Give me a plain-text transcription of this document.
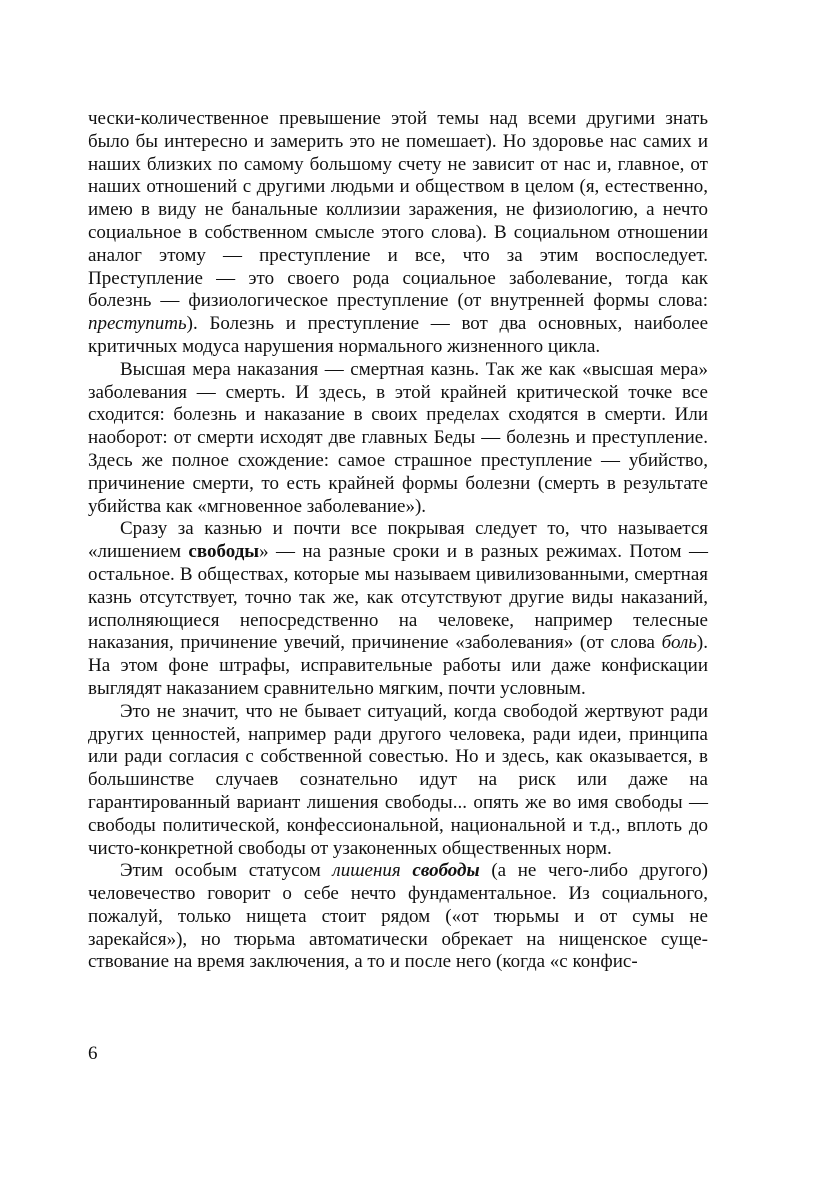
чески-количественное превышение этой темы над всеми другими знать было бы интересно и замерить это не помешает). Но здоровье нас самих и наших близких по самому большому счету не зависит от нас и, главное, от наших отношений с другими людьми и обществом в целом (я, естественно, имею в виду не банальные коллизии заражения, не физиологию, а нечто социальное в собственном смысле этого слова). В социальном отношении аналог этому — преступление и все, что за этим воспоследует. Преступление — это своего рода социальное заболевание, тогда как болезнь — физиологическое преступление (от внутренней формы слова: преступить). Болезнь и преступление — вот два основных, наиболее критичных модуса нарушения нормального жизненного цикла.

Высшая мера наказания — смертная казнь. Так же как «высшая мера» заболевания — смерть. И здесь, в этой крайней критической точке все сходится: болезнь и наказание в своих пределах сходятся в смерти. Или наоборот: от смерти исходят две главных Беды — болезнь и преступление. Здесь же полное схождение: самое страшное преступление — убийство, причинение смерти, то есть крайней формы болезни (смерть в результате убийства как «мгновенное заболевание»).

Сразу за казнью и почти все покрывая следует то, что называется «лишением свободы» — на разные сроки и в разных режимах. Потом — остальное. В обществах, которые мы называем цивилизованными, смертная казнь отсутствует, точно так же, как отсутствуют другие виды наказаний, исполняющиеся непосредственно на человеке, например телесные наказания, причинение увечий, причинение «заболевания» (от слова боль). На этом фоне штрафы, исправительные работы или даже конфискации выглядят наказанием сравнительно мягким, почти условным.

Это не значит, что не бывает ситуаций, когда свободой жертвуют ради других ценностей, например ради другого человека, ради идеи, принципа или ради согласия с собственной совестью. Но и здесь, как оказывается, в большинстве случаев сознательно идут на риск или даже на гарантированный вариант лишения свободы... опять же во имя свободы — свободы политической, конфессиональной, национальной и т.д., вплоть до чисто-конкретной свободы от узаконенных общественных норм.

Этим особым статусом лишения свободы (а не чего-либо другого) человечество говорит о себе нечто фундаментальное. Из социального, пожалуй, только нищета стоит рядом («от тюрьмы и от сумы не зарекайся»), но тюрьма автоматически обрекает на нищенское существование на время заключения, а то и после него (когда «с конфис-

6
